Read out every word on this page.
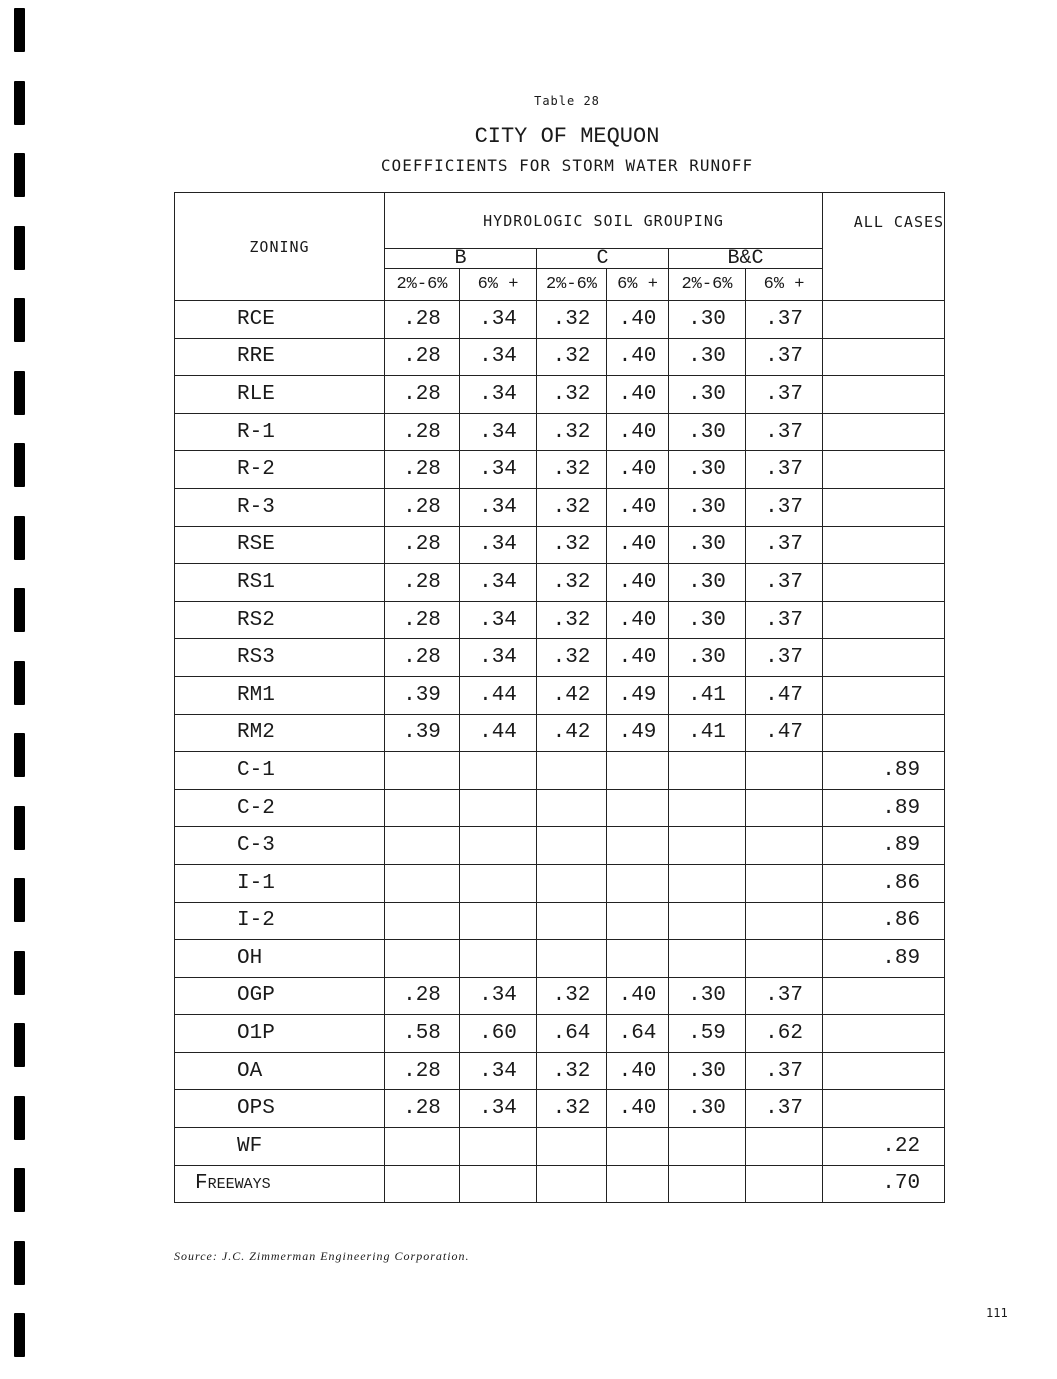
Table 28
CITY OF MEQUON
COEFFICIENTS FOR STORM WATER RUNOFF
ZONING	HYDROLOGIC SOIL GROUPING						ALL CASES
	B		C		B&C		
	2%-6%	6% +	2%-6%	6% +	2%-6%	6% +	
RCE	.28	.34	.32	.40	.30	.37	
RRE	.28	.34	.32	.40	.30	.37	
RLE	.28	.34	.32	.40	.30	.37	
R-1	.28	.34	.32	.40	.30	.37	
R-2	.28	.34	.32	.40	.30	.37	
R-3	.28	.34	.32	.40	.30	.37	
RSE	.28	.34	.32	.40	.30	.37	
RS1	.28	.34	.32	.40	.30	.37	
RS2	.28	.34	.32	.40	.30	.37	
RS3	.28	.34	.32	.40	.30	.37	
RM1	.39	.44	.42	.49	.41	.47	
RM2	.39	.44	.42	.49	.41	.47	
C-1							.89
C-2							.89
C-3							.89
I-1							.86
I-2							.86
OH							.89
OGP	.28	.34	.32	.40	.30	.37	
O1P	.58	.60	.64	.64	.59	.62	
OA	.28	.34	.32	.40	.30	.37	
OPS	.28	.34	.32	.40	.30	.37	
WF							.22
Freeways							.70
Source: J.C. Zimmerman Engineering Corporation.
111
